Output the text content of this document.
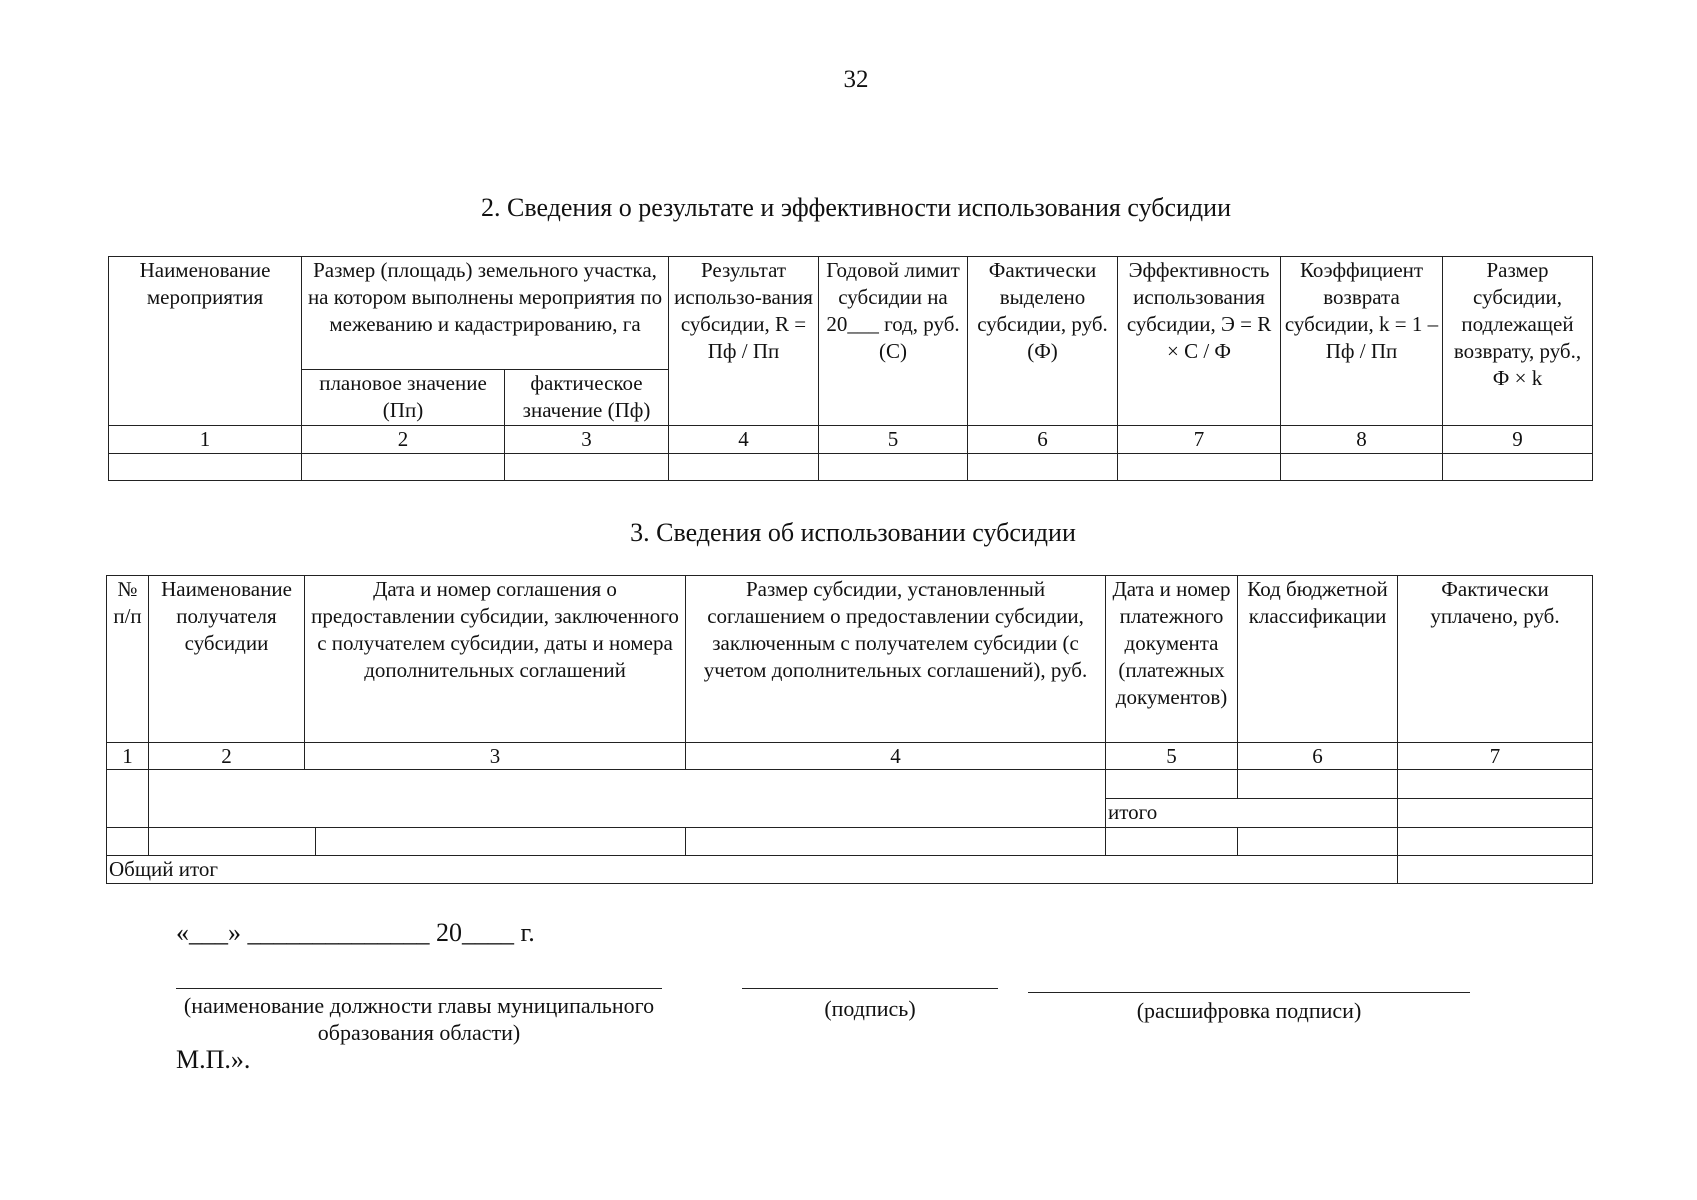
32
2. Сведения о результате и эффективности использования субсидии
Наименование мероприятия	Размер (площадь) земельного участка, на котором выполнены мероприятия по межеванию и кадастрированию, га		Результат использо-вания субсидии, R = Пф / Пп	Годовой лимит субсидии на 20___ год, руб. (С)	Фактически выделено субсидии, руб. (Ф)	Эффективность использования субсидии, Э = R × С / Ф	Коэффициент возврата субсидии, k = 1 – Пф / Пп	Размер субсидии, подлежащей возврату, руб., Ф × k
	плановое значение (Пп)	фактическое значение (Пф)						
1	2	3	4	5	6	7	8	9

3. Сведения об использовании субсидии
№ п/п	Наименование получателя субсидии	Дата и номер соглашения о предоставлении субсидии, заключенного с получателем субсидии, даты и номера дополнительных соглашений		Размер субсидии, установленный соглашением о предоставлении субсидии, заключенным с получателем субсидии (с учетом дополнительных соглашений), руб.	Дата и номер платежного документа (платежных документов)	Код бюджетной классификации	Фактически уплачено, руб.
1	2	3		4	5	6	7

					итого		

Общий итог							
«___» ______________ 20____ г.
(наименование должности главы муниципального образования области)
(подпись)	(расшифровка подписи)
М.П.».
